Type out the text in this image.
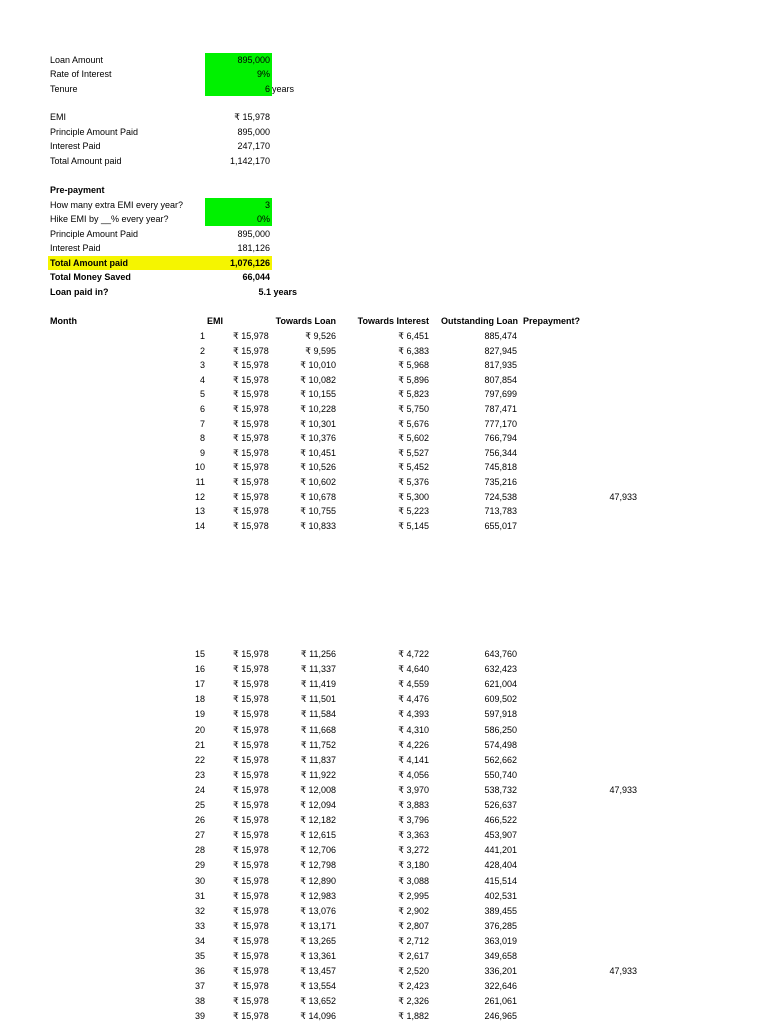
Loan Amount	895,000
Rate of Interest	9%
Tenure	6 years
EMI	₹ 15,978
Principle Amount Paid	895,000
Interest Paid	247,170
Total Amount paid	1,142,170
Pre-payment
How many extra EMI every year?	3
Hike EMI by __% every year?	0%
Principle Amount Paid	895,000
Interest Paid	181,126
Total Amount paid	1,076,126
Total Money Saved	66,044
Loan paid in?	5.1 years
Month	EMI	Towards Loan	Towards Interest	Outstanding Loan Prepayment?
1	₹ 15,978	₹ 9,526	₹ 6,451	885,474
2	₹ 15,978	₹ 9,595	₹ 6,383	827,945
3	₹ 15,978	₹ 10,010	₹ 5,968	817,935
4	₹ 15,978	₹ 10,082	₹ 5,896	807,854
5	₹ 15,978	₹ 10,155	₹ 5,823	797,699
6	₹ 15,978	₹ 10,228	₹ 5,750	787,471
7	₹ 15,978	₹ 10,301	₹ 5,676	777,170
8	₹ 15,978	₹ 10,376	₹ 5,602	766,794
9	₹ 15,978	₹ 10,451	₹ 5,527	756,344
10	₹ 15,978	₹ 10,526	₹ 5,452	745,818
11	₹ 15,978	₹ 10,602	₹ 5,376	735,216
12	₹ 15,978	₹ 10,678	₹ 5,300	724,538	47,933
13	₹ 15,978	₹ 10,755	₹ 5,223	713,783
14	₹ 15,978	₹ 10,833	₹ 5,145	655,017
15	₹ 15,978	₹ 11,256	₹ 4,722	643,760
16	₹ 15,978	₹ 11,337	₹ 4,640	632,423
17	₹ 15,978	₹ 11,419	₹ 4,559	621,004
18	₹ 15,978	₹ 11,501	₹ 4,476	609,502
19	₹ 15,978	₹ 11,584	₹ 4,393	597,918
20	₹ 15,978	₹ 11,668	₹ 4,310	586,250
21	₹ 15,978	₹ 11,752	₹ 4,226	574,498
22	₹ 15,978	₹ 11,837	₹ 4,141	562,662
23	₹ 15,978	₹ 11,922	₹ 4,056	550,740
24	₹ 15,978	₹ 12,008	₹ 3,970	538,732	47,933
25	₹ 15,978	₹ 12,094	₹ 3,883	526,637
26	₹ 15,978	₹ 12,182	₹ 3,796	466,522
27	₹ 15,978	₹ 12,615	₹ 3,363	453,907
28	₹ 15,978	₹ 12,706	₹ 3,272	441,201
29	₹ 15,978	₹ 12,798	₹ 3,180	428,404
30	₹ 15,978	₹ 12,890	₹ 3,088	415,514
31	₹ 15,978	₹ 12,983	₹ 2,995	402,531
32	₹ 15,978	₹ 13,076	₹ 2,902	389,455
33	₹ 15,978	₹ 13,171	₹ 2,807	376,285
34	₹ 15,978	₹ 13,265	₹ 2,712	363,019
35	₹ 15,978	₹ 13,361	₹ 2,617	349,658
36	₹ 15,978	₹ 13,457	₹ 2,520	336,201	47,933
37	₹ 15,978	₹ 13,554	₹ 2,423	322,646
38	₹ 15,978	₹ 13,652	₹ 2,326	261,061
39	₹ 15,978	₹ 14,096	₹ 1,882	246,965
